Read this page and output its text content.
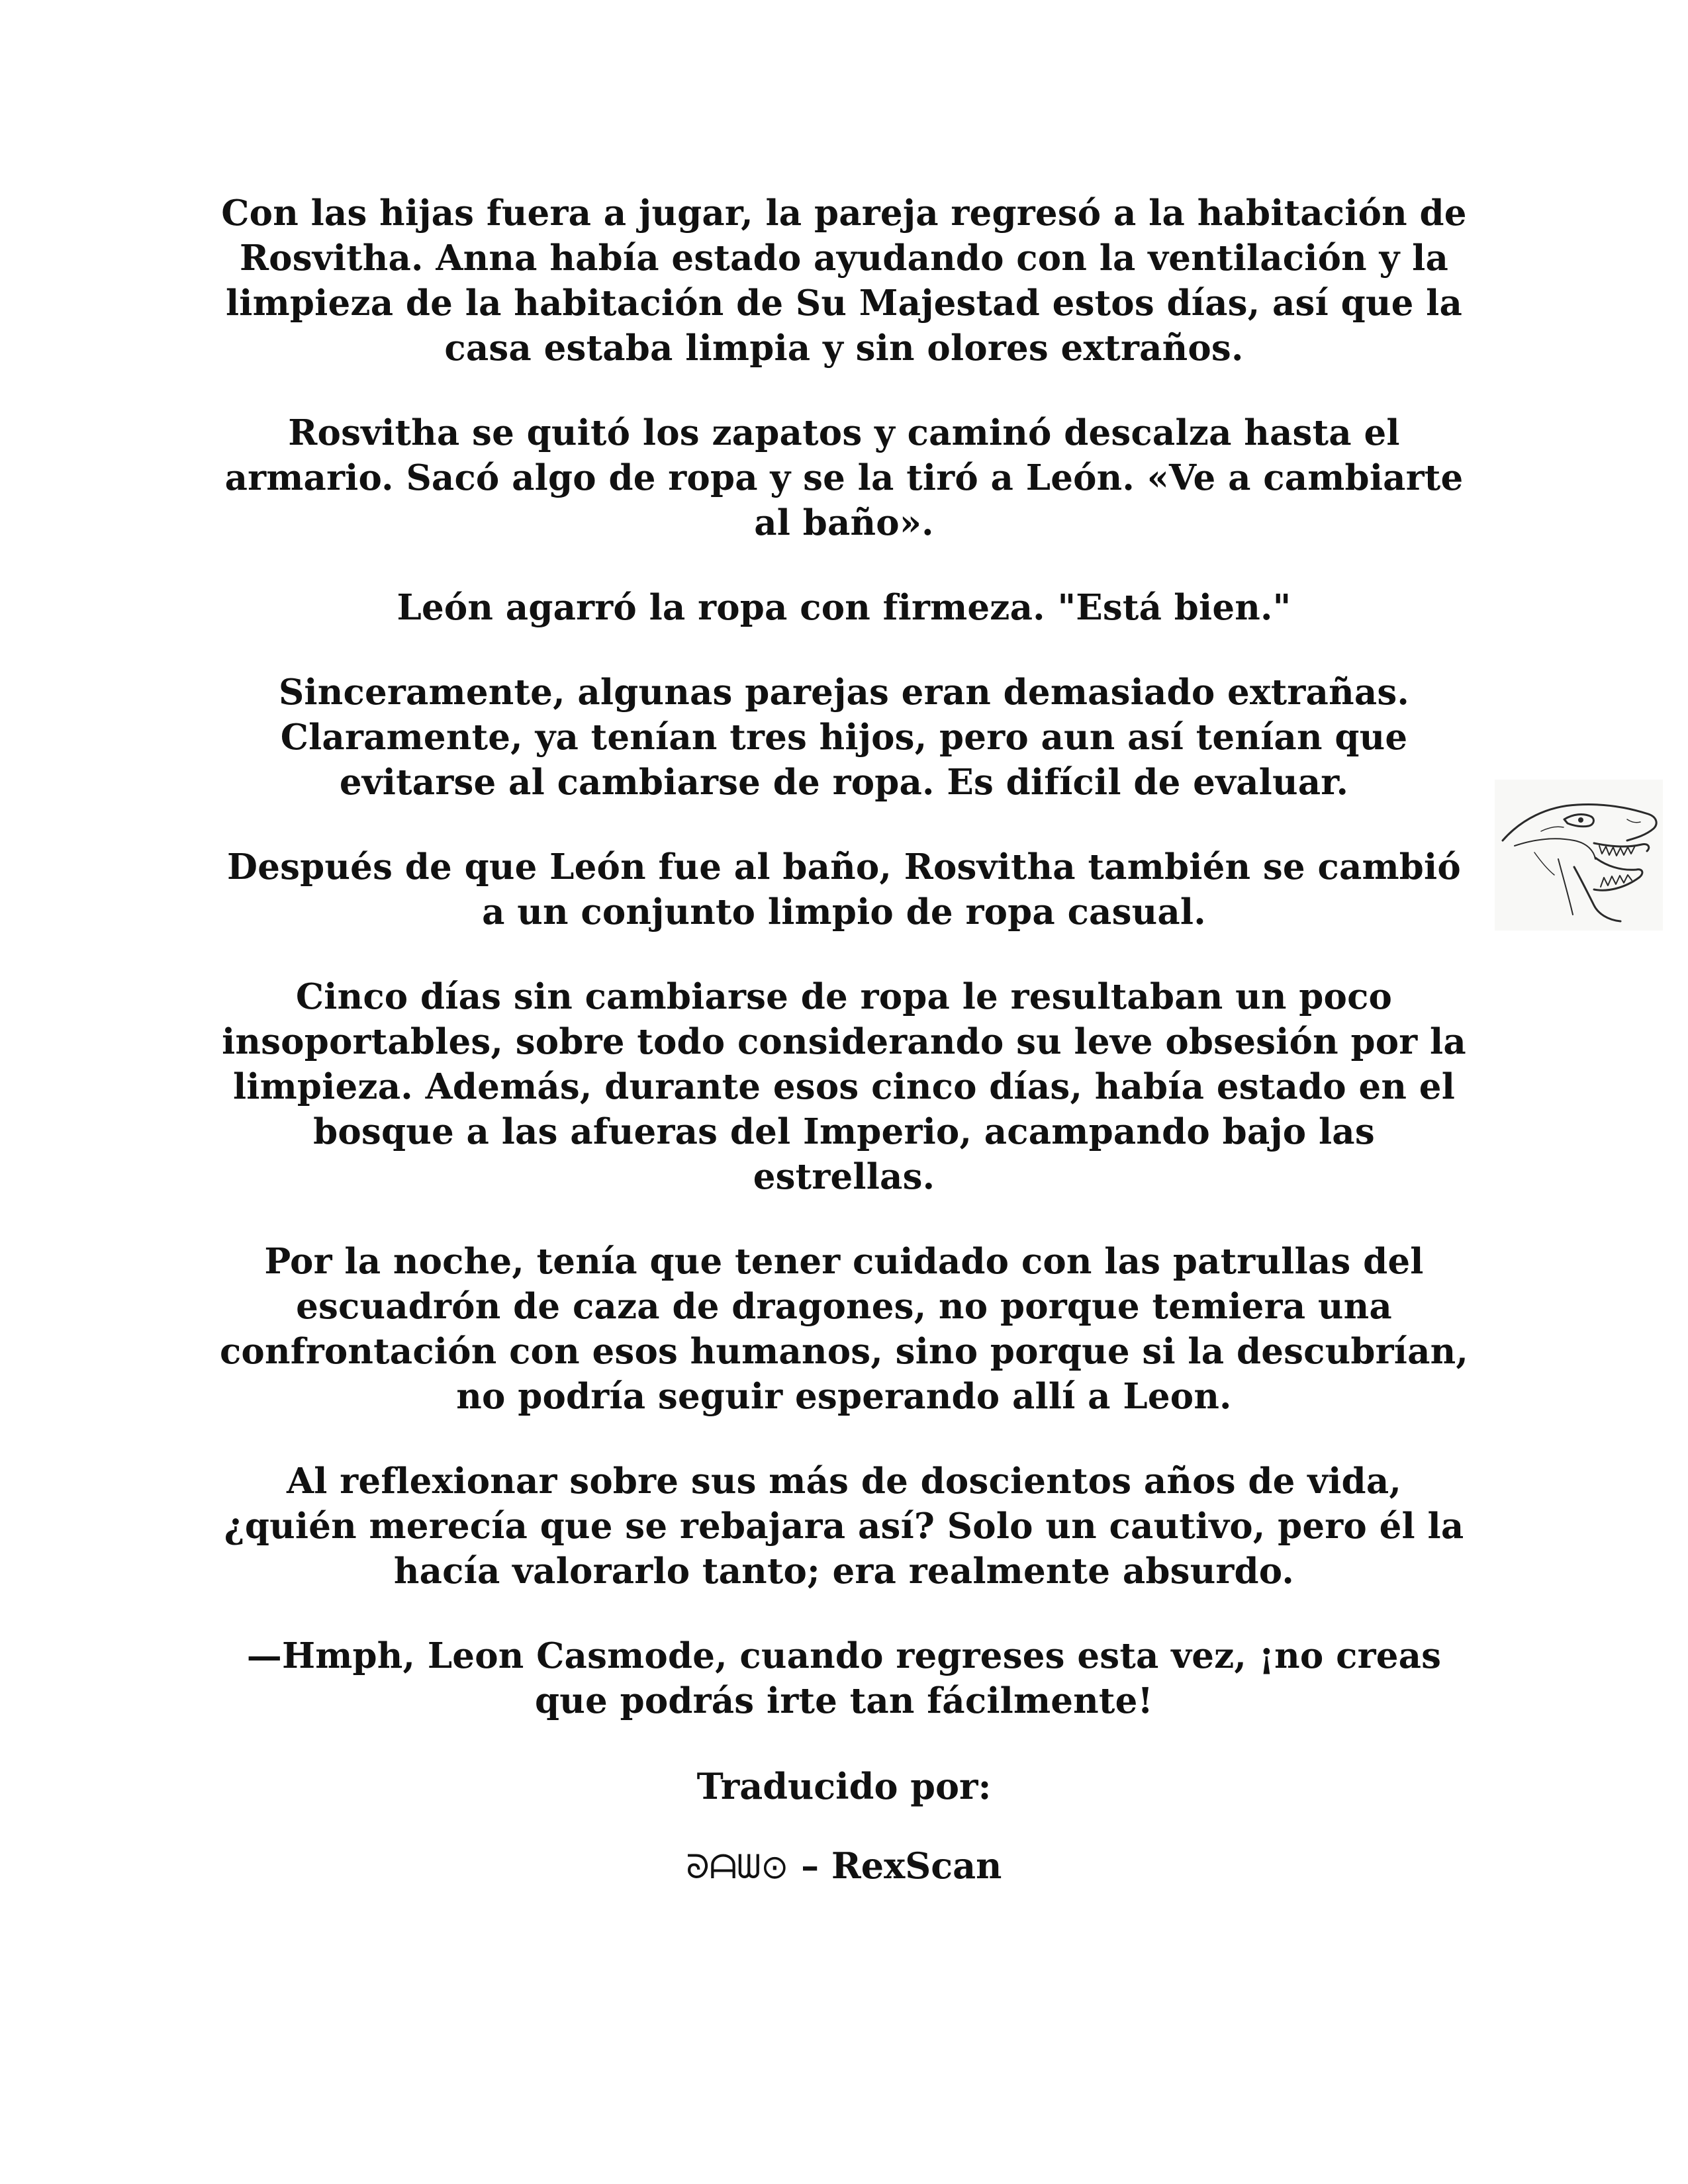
Con las hijas fuera a jugar, la pareja regresó a la habitación de Rosvitha. Anna había estado ayudando con la ventilación y la limpieza de la habitación de Su Majestad estos días, así que la casa estaba limpia y sin olores extraños.

Rosvitha se quitó los zapatos y caminó descalza hasta el armario. Sacó algo de ropa y se la tiró a León. «Ve a cambiarte al baño».

León agarró la ropa con firmeza. "Está bien."

Sinceramente, algunas parejas eran demasiado extrañas. Claramente, ya tenían tres hijos, pero aun así tenían que evitarse al cambiarse de ropa. Es difícil de evaluar.

Después de que León fue al baño, Rosvitha también se cambió a un conjunto limpio de ropa casual.

Cinco días sin cambiarse de ropa le resultaban un poco insoportables, sobre todo considerando su leve obsesión por la limpieza. Además, durante esos cinco días, había estado en el bosque a las afueras del Imperio, acampando bajo las estrellas.

Por la noche, tenía que tener cuidado con las patrullas del escuadrón de caza de dragones, no porque temiera una confrontación con esos humanos, sino porque si la descubrían, no podría seguir esperando allí a Leon.

Al reflexionar sobre sus más de doscientos años de vida, ¿quién merecía que se rebajara así? Solo un cautivo, pero él la hacía valorarlo tanto; era realmente absurdo.

—Hmph, Leon Casmode, cuando regreses esta vez, ¡no creas que podrás irte tan fácilmente!

Traducido por:

ᘐᗩᗯ⊙ – RexScan
